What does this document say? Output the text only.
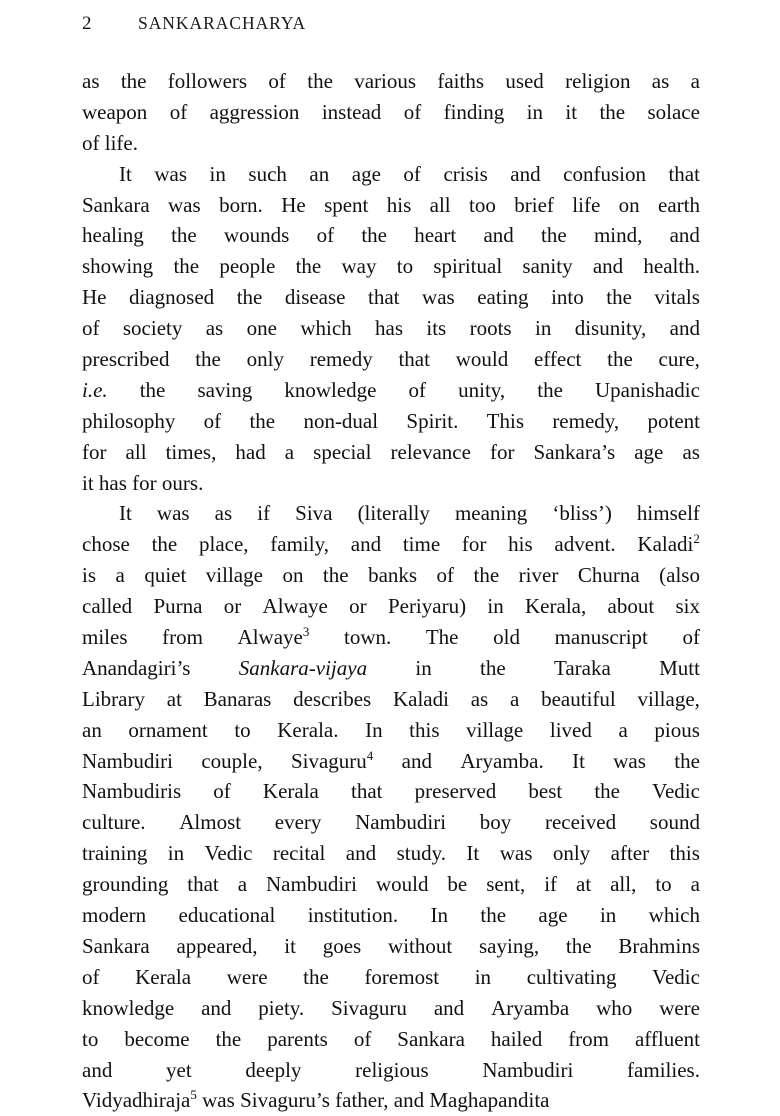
2	SANKARACHARYA
as the followers of the various faiths used religion as a
weapon of aggression instead of finding in it the solace
of life.
It was in such an age of crisis and confusion that
Sankara was born. He spent his all too brief life on earth
healing the wounds of the heart and the mind, and
showing the people the way to spiritual sanity and health.
He diagnosed the disease that was eating into the vitals
of society as one which has its roots in disunity, and
prescribed the only remedy that would effect the cure,
i.e. the saving knowledge of unity, the Upanishadic
philosophy of the non-dual Spirit. This remedy, potent
for all times, had a special relevance for Sankara’s age as
it has for ours.
It was as if Siva (literally meaning ‘bliss’) himself
chose the place, family, and time for his advent. Kaladi$^2$
is a quiet village on the banks of the river Churna (also
called Purna or Alwaye or Periyaru) in Kerala, about six
miles from Alwaye$^3$ town. The old manuscript of
Anandagiri’s Sankara-vijaya in the Taraka Mutt
Library at Banaras describes Kaladi as a beautiful village,
an ornament to Kerala. In this village lived a pious
Nambudiri couple, Sivaguru$^4$ and Aryamba. It was the
Nambudiris of Kerala that preserved best the Vedic
culture. Almost every Nambudiri boy received sound
training in Vedic recital and study. It was only after this
grounding that a Nambudiri would be sent, if at all, to a
modern educational institution. In the age in which
Sankara appeared, it goes without saying, the Brahmins
of Kerala were the foremost in cultivating Vedic
knowledge and piety. Sivaguru and Aryamba who were
to become the parents of Sankara hailed from affluent
and	yet	deeply	religious	Nambudiri	families.
Vidyadhiraja$^5$ was Sivaguru’s father, and Maghapandita
